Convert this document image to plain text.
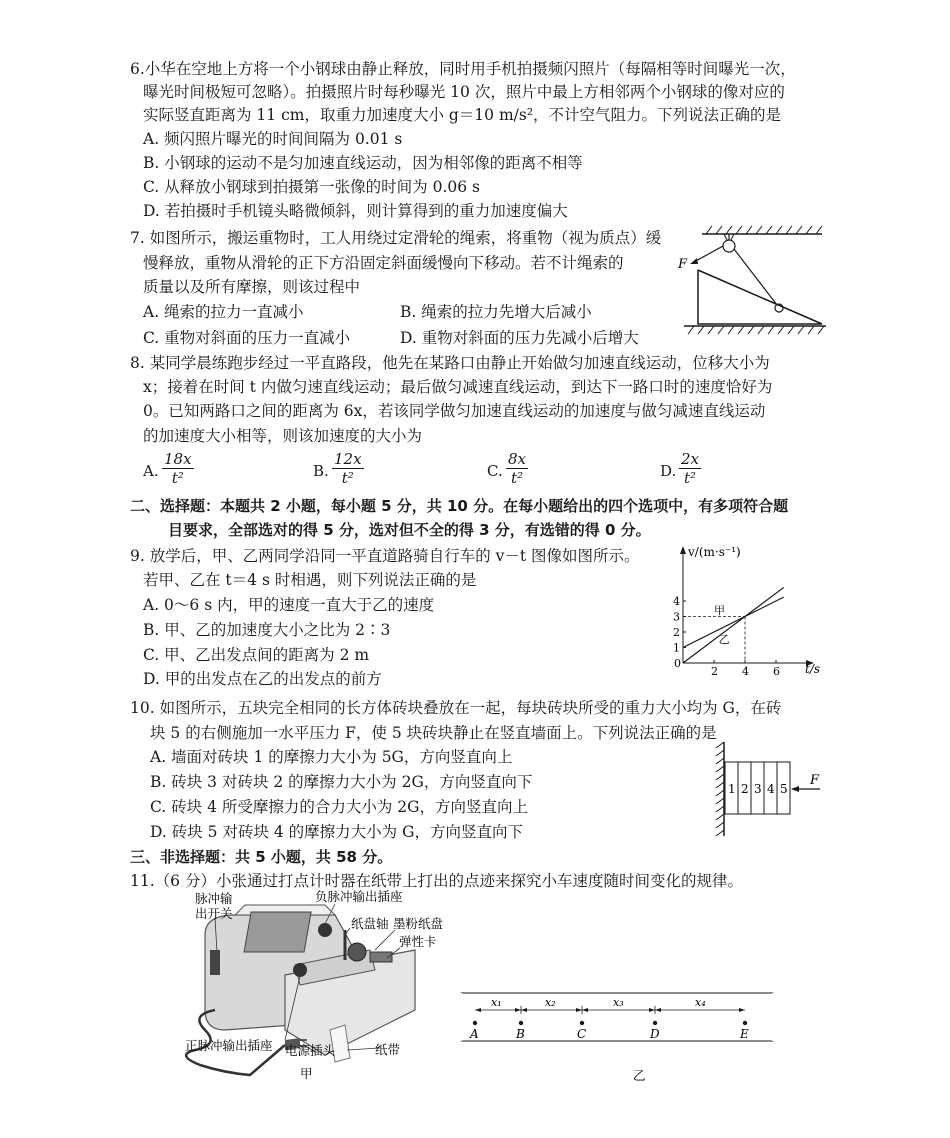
6.小华在空地上方将一个小钢球由静止释放，同时用手机拍摄频闪照片（每隔相等时间曝光一次，
曝光时间极短可忽略）。拍摄照片时每秒曝光 10 次，照片中最上方相邻两个小钢球的像对应的
实际竖直距离为 11 cm，取重力加速度大小 g＝10 m/s²，不计空气阻力。下列说法正确的是
A. 频闪照片曝光的时间间隔为 0.01 s
B. 小钢球的运动不是匀加速直线运动，因为相邻像的距离不相等
C. 从释放小钢球到拍摄第一张像的时间为 0.06 s
D. 若拍摄时手机镜头略微倾斜，则计算得到的重力加速度偏大
7. 如图所示，搬运重物时，工人用绕过定滑轮的绳索，将重物（视为质点）缓
慢释放，重物从滑轮的正下方沿固定斜面缓慢向下移动。若不计绳索的
质量以及所有摩擦，则该过程中
A. 绳索的拉力一直减小	B. 绳索的拉力先增大后减小
C. 重物对斜面的压力一直减小	D. 重物对斜面的压力先减小后增大
F
8. 某同学晨练跑步经过一平直路段，他先在某路口由静止开始做匀加速直线运动，位移大小为
x；接着在时间 t 内做匀速直线运动；最后做匀减速直线运动，到达下一路口时的速度恰好为
0。已知两路口之间的距离为 6x，若该同学做匀加速直线运动的加速度与做匀减速直线运动
的加速度大小相等，则该加速度的大小为
A. $\frac{18x}{\text{t²}}$	B. $\frac{12x}{\text{t²}}$	C. $\frac{8x}{\text{t²}}$	D. $\frac{2x}{\text{t²}}$
二、选择题：本题共 2 小题，每小题 5 分，共 10 分。在每小题给出的四个选项中，有多项符合题
目要求，全部选对的得 5 分，选对但不全的得 3 分，有选错的得 0 分。
9. 放学后，甲、乙两同学沿同一平直道路骑自行车的 v－t 图像如图所示。
若甲、乙在 t＝4 s 时相遇，则下列说法正确的是
A. 0～6 s 内，甲的速度一直大于乙的速度
B. 甲、乙的加速度大小之比为 2∶3
C. 甲、乙出发点间的距离为 2 m
D. 甲的出发点在乙的出发点的前方
v/(m·s⁻¹)
t/s
0
1
2
3
4
2 4 6
甲
乙
10. 如图所示，五块完全相同的长方体砖块叠放在一起，每块砖块所受的重力大小均为 G，在砖
块 5 的右侧施加一水平压力 F，使 5 块砖块静止在竖直墙面上。下列说法正确的是
A. 墙面对砖块 1 的摩擦力大小为 5G，方向竖直向上
B. 砖块 3 对砖块 2 的摩擦力大小为 2G，方向竖直向下
C. 砖块 4 所受摩擦力的合力大小为 2G，方向竖直向上
D. 砖块 5 对砖块 4 的摩擦力大小为 G，方向竖直向下
1 2 3 4 5
F
三、非选择题：共 5 小题，共 58 分。
11.（6 分）小张通过打点计时器在纸带上打出的点迹来探究小车速度随时间变化的规律。
脉冲输
出开关
负脉冲输出插座
纸盘轴 墨粉纸盘
弹性卡
正脉冲输出插座 电源插头	纸带
甲
x₁	x₂	x₃	x₄
A	B	C	D	E
乙
